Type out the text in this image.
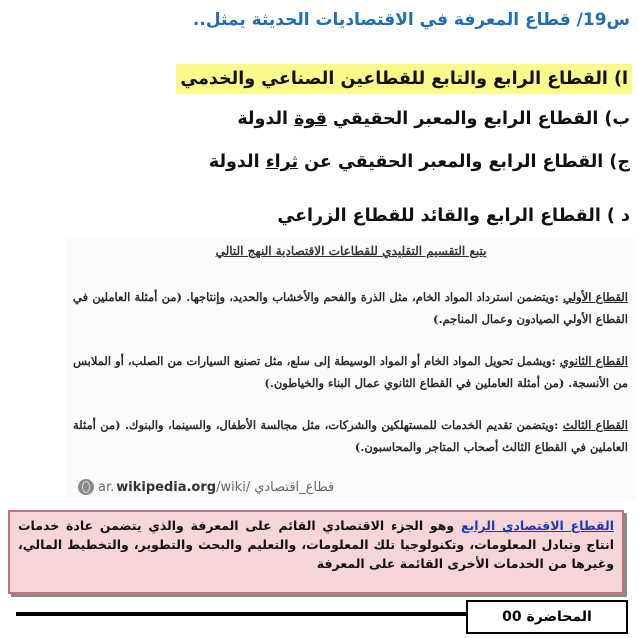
س19/ قطاع المعرفة في الاقتصاديات الحديثة يمثل..
ا) القطاع الرابع والتابع للقطاعين الصناعي والخدمي
ب) القطاع الرابع والمعبر الحقيقي قوة الدولة
ج) القطاع الرابع والمعبر الحقيقي عن ثراء الدولة
د ) القطاع الرابع والقائد للقطاع الزراعي
يتبع التقسيم التقليدي للقطاعات الاقتصادية النهج التالي
القطاع الأولي :ويتضمن استرداد المواد الخام، مثل الذرة والفحم والأخشاب والحديد، وإنتاجها. (من أمثلة العاملين في القطاع الأولي الصيادون وعمال المناجم.)
القطاع الثانوي :ويشمل تحويل المواد الخام أو المواد الوسيطة إلى سلع، مثل تصنيع السيارات من الصلب، أو الملابس من الأنسجة. (من أمثلة العاملين في القطاع الثانوي عمال البناء والخياطون.)
القطاع الثالث :ويتضمن تقديم الخدمات للمستهلكين والشركات، مثل مجالسة الأطفال، والسينما، والبنوك. (من أمثلة العاملين في القطاع الثالث أصحاب المتاجر والمحاسبون.)
ar. wikipedia.org /wiki/ قطاع_اقتصادي
القطاع الاقتصادي الرابع وهو الجزء الاقتصادي القائم على المعرفة والذي يتضمن عادة خدمات انتاج وتبادل المعلومات، وتكنولوجيا تلك المعلومات، والتعليم والبحث والتطوير، والتخطيط المالي، وغيرها من الخدمات الأخرى القائمة على المعرفة
المحاضرة 00
